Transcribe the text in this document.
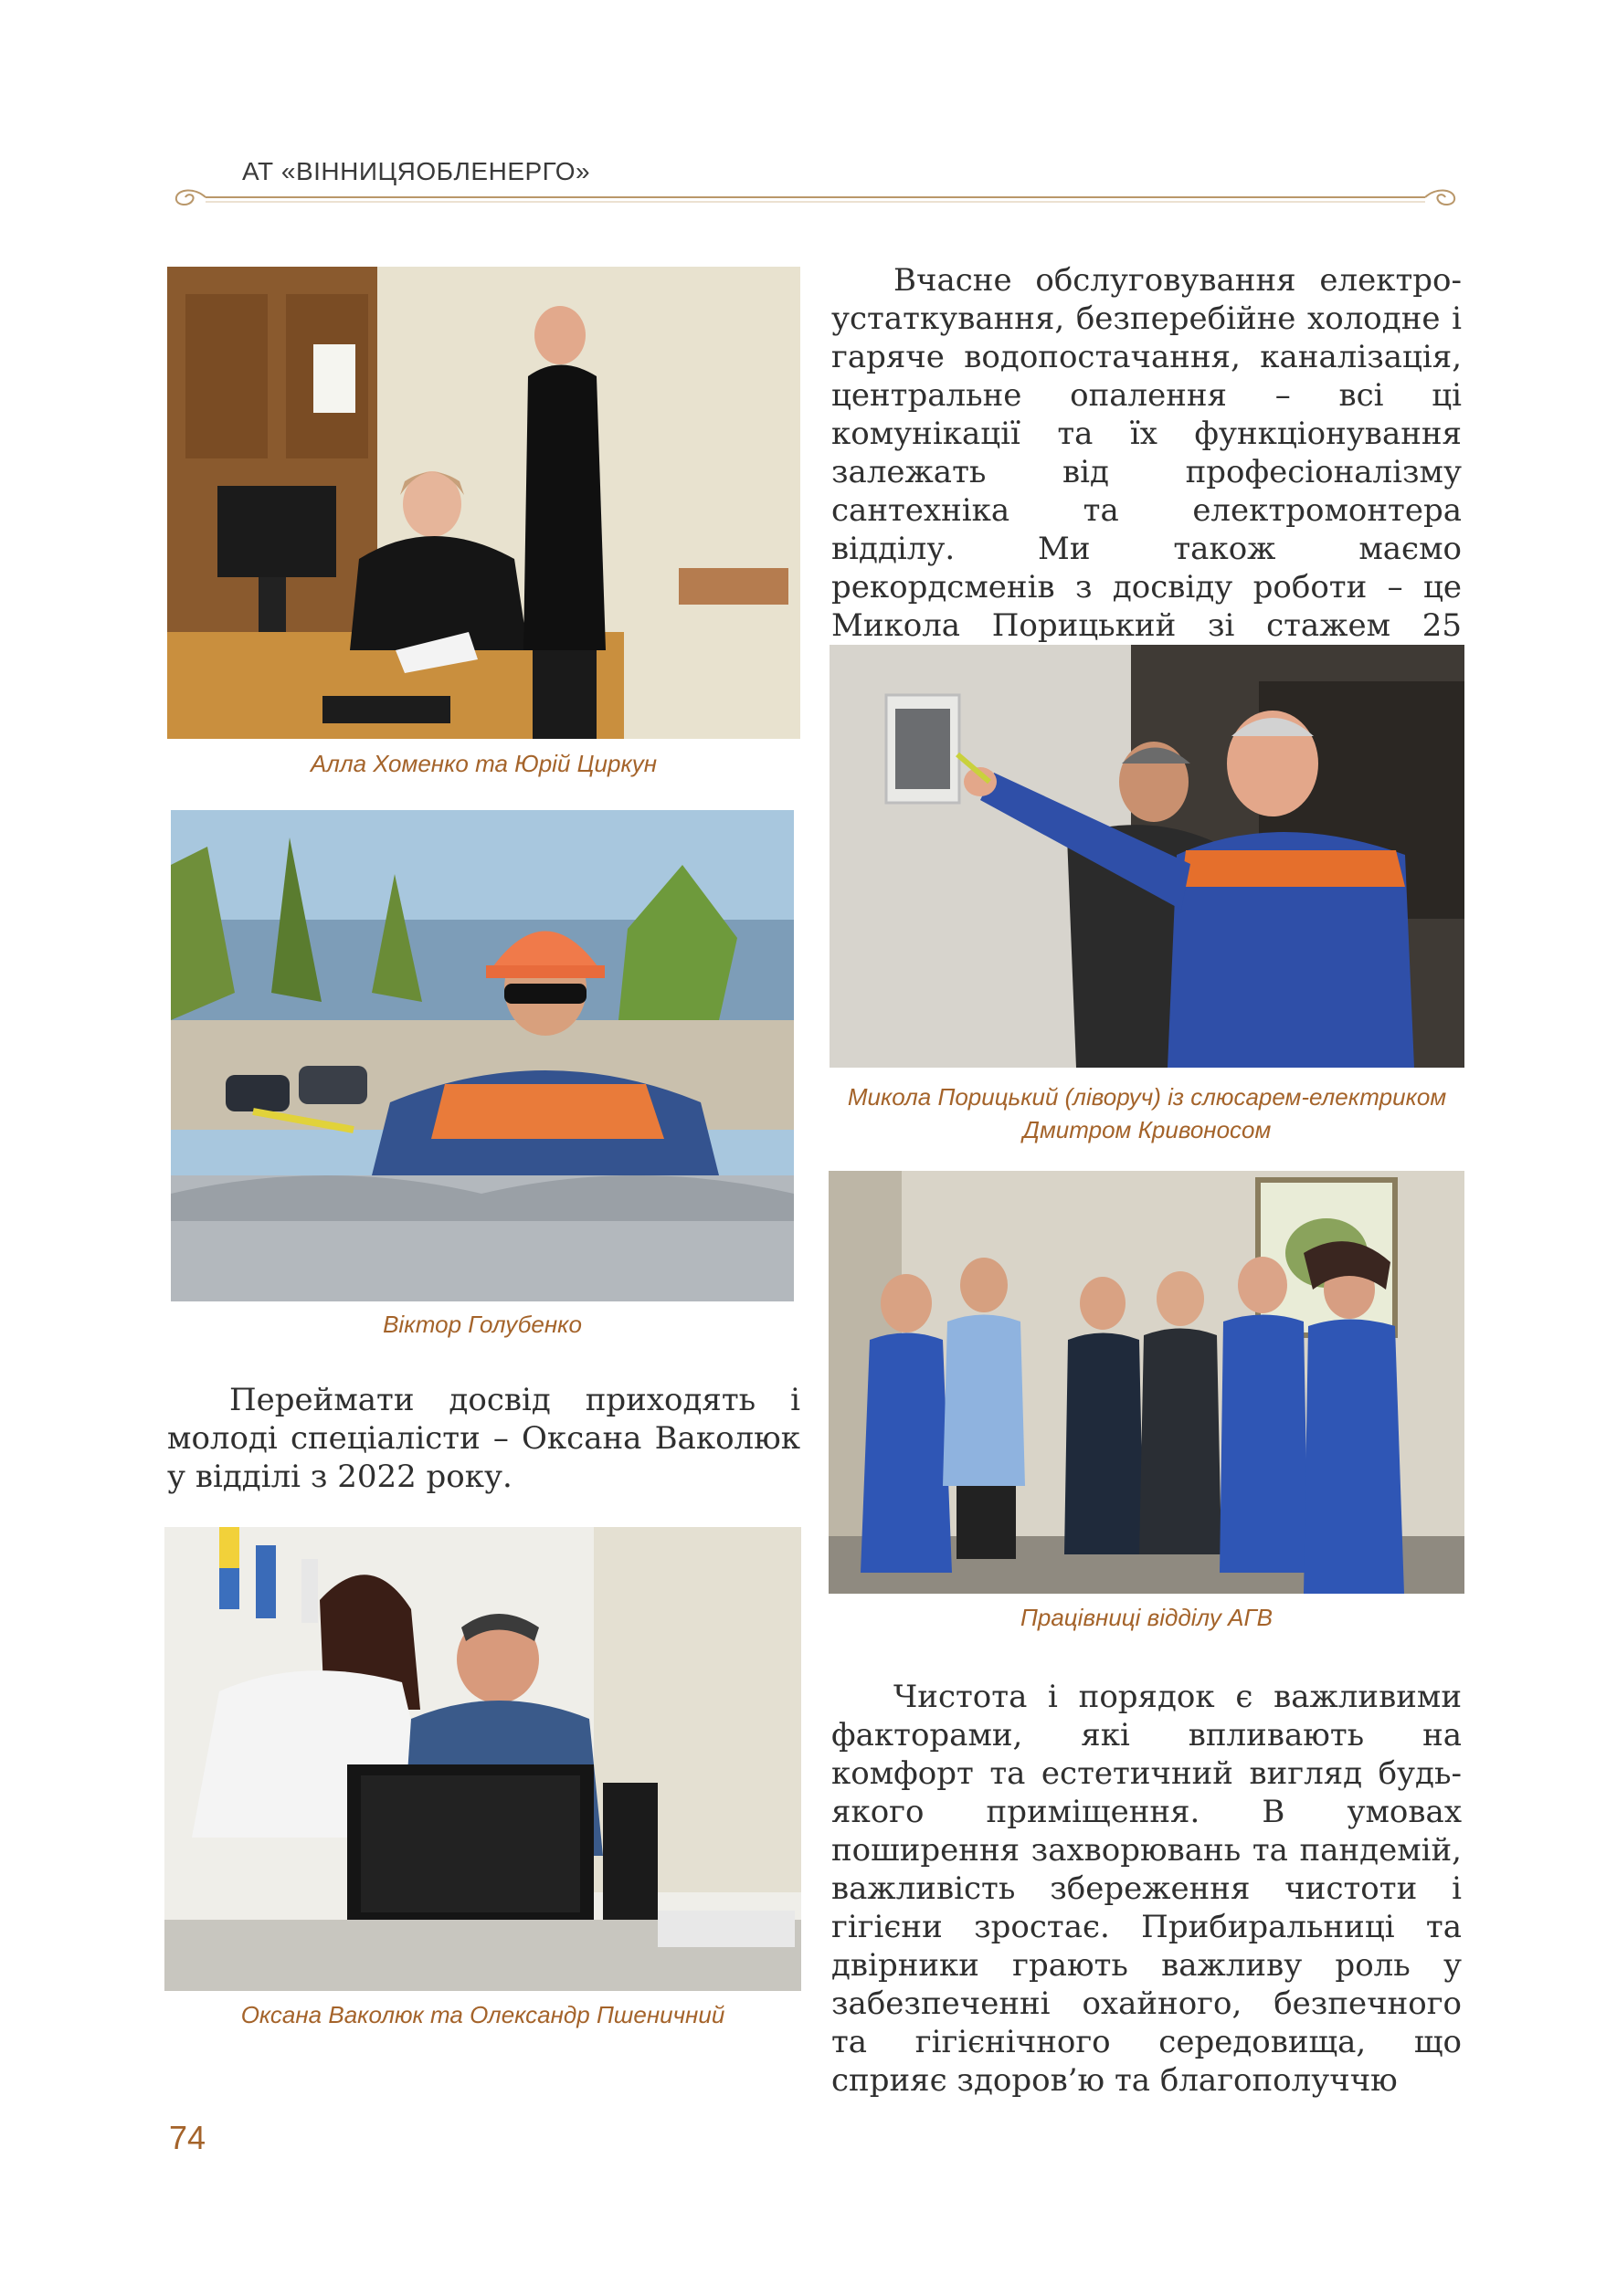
АТ «ВІННИЦЯОБЛЕНЕРГО»
Алла Хоменко та Юрій Циркун
Віктор Голубенко

Переймати досвід приходять і молоді спеціалісти – Оксана Ваколюк у відділі з 2022 року.

Оксана Ваколюк та Олександр Пшеничний

Вчасне обслуговування електроустаткування, безперебійне холодне і гаряче водопостачання, каналізація, центральне опалення – всі ці комунікації та їх функціонування залежать від професіоналізму сантехніка та електромонтера відділу. Ми також маємо рекордсменів з досвіду роботи – це Микола Порицький зі стажем 25

Микола Порицький (ліворуч) із слюсарем-електриком
Дмитром Кривоносом
Працівниці відділу АГВ

Чистота і порядок є важливими факторами, які впливають на комфорт та естетичний вигляд будь-якого приміщення. В умовах поширення захворювань та пандемій, важливість збереження чистоти і гігієни зростає. Прибиральниці та двірники грають важливу роль у забезпеченні охайного, безпечного та гігієнічного середовища, що сприяє здоров’ю та благополуччю

74
